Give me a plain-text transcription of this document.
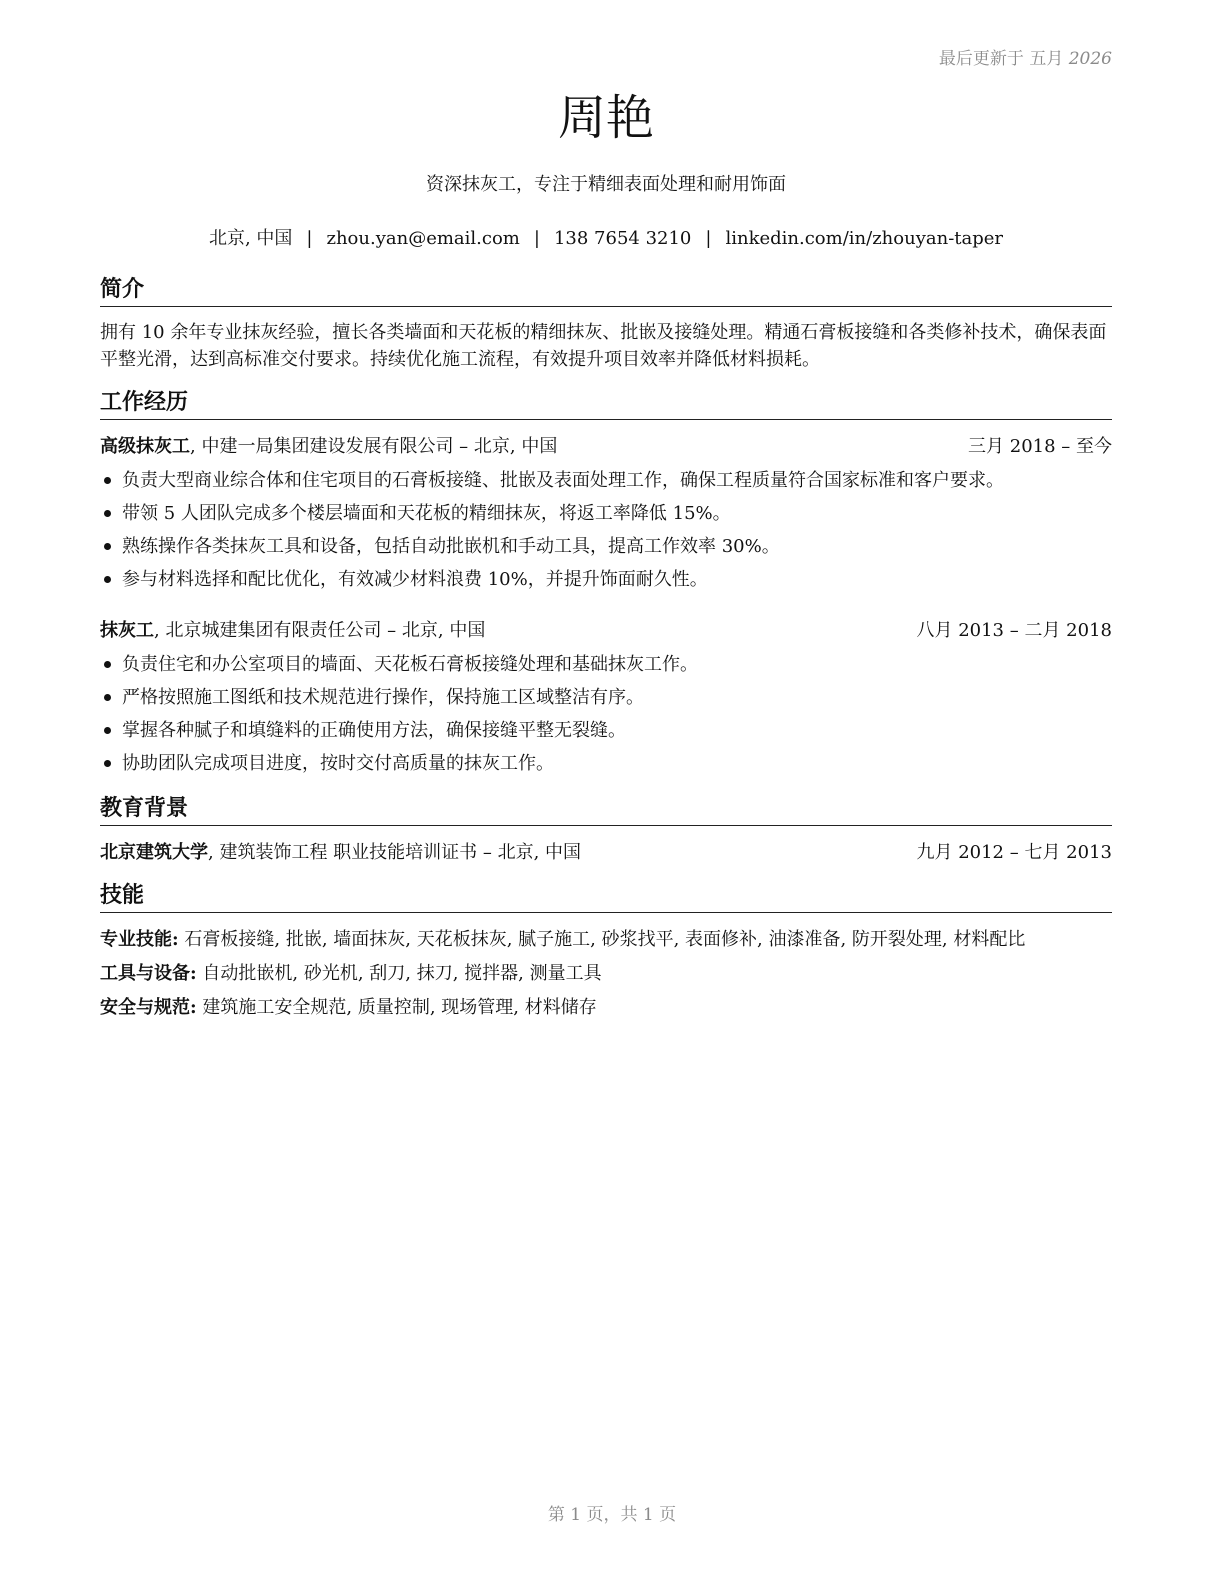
最后更新于 五月 2026
周艳
资深抹灰工，专注于精细表面处理和耐用饰面
北京, 中国 | zhou.yan@email.com | 138 7654 3210 | linkedin.com/in/zhouyan-taper
简介
拥有 10 余年专业抹灰经验，擅长各类墙面和天花板的精细抹灰、批嵌及接缝处理。精通石膏板接缝和各类修补技术，确保表面平整光滑，达到高标准交付要求。持续优化施工流程，有效提升项目效率并降低材料损耗。
工作经历
高级抹灰工, 中建一局集团建设发展有限公司 – 北京, 中国	三月 2018 – 至今
负责大型商业综合体和住宅项目的石膏板接缝、批嵌及表面处理工作，确保工程质量符合国家标准和客户要求。
带领 5 人团队完成多个楼层墙面和天花板的精细抹灰，将返工率降低 15%。
熟练操作各类抹灰工具和设备，包括自动批嵌机和手动工具，提高工作效率 30%。
参与材料选择和配比优化，有效减少材料浪费 10%，并提升饰面耐久性。
抹灰工, 北京城建集团有限责任公司 – 北京, 中国	八月 2013 – 二月 2018
负责住宅和办公室项目的墙面、天花板石膏板接缝处理和基础抹灰工作。
严格按照施工图纸和技术规范进行操作，保持施工区域整洁有序。
掌握各种腻子和填缝料的正确使用方法，确保接缝平整无裂缝。
协助团队完成项目进度，按时交付高质量的抹灰工作。
教育背景
北京建筑大学, 建筑装饰工程 职业技能培训证书 – 北京, 中国	九月 2012 – 七月 2013
技能
专业技能: 石膏板接缝, 批嵌, 墙面抹灰, 天花板抹灰, 腻子施工, 砂浆找平, 表面修补, 油漆准备, 防开裂处理, 材料配比
工具与设备: 自动批嵌机, 砂光机, 刮刀, 抹刀, 搅拌器, 测量工具
安全与规范: 建筑施工安全规范, 质量控制, 现场管理, 材料储存
第 1 页，共 1 页
